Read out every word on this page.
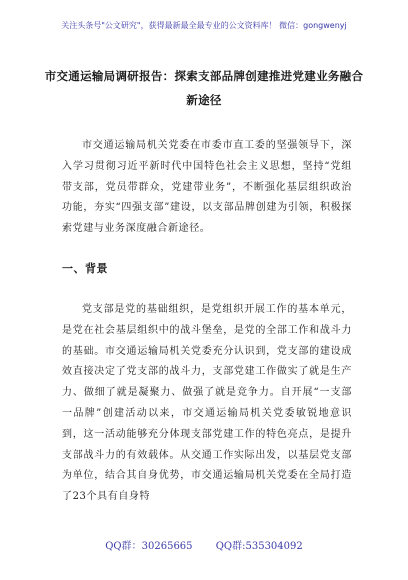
关注头条号"公文研究"，获得最新最全最专业的公文资料库！ 微信：gongwenyj
市交通运输局调研报告：探索支部品牌创建推进党建业务融合新途径
市交通运输局机关党委在市委市直工委的坚强领导下，深入学习贯彻习近平新时代中国特色社会主义思想，坚持“党组带支部，党员带群众，党建带业务”，不断强化基层组织政治功能，夯实“四强支部”建设，以支部品牌创建为引领，积极探索党建与业务深度融合新途径。
一、背景
党支部是党的基础组织，是党组织开展工作的基本单元，是党在社会基层组织中的战斗堡垒，是党的全部工作和战斗力的基础。市交通运输局机关党委充分认识到，党支部的建设成效直接决定了党支部的战斗力，支部党建工作做实了就是生产力、做细了就是凝聚力、做强了就是竞争力。自开展“一支部一品牌”创建活动以来，市交通运输局机关党委敏锐地意识到，这一活动能够充分体现支部党建工作的特色亮点，是提升支部战斗力的有效载体。从交通工作实际出发，以基层党支部为单位，结合其自身优势，市交通运输局机关党委在全局打造了23个具有自身特
QQ群：30265665 QQ群:535304092
